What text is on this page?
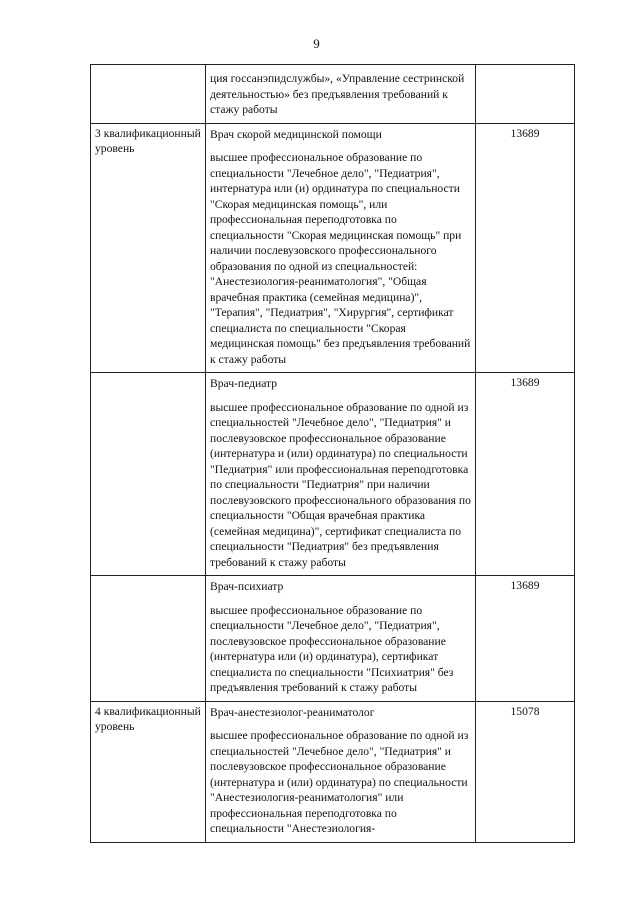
9

	ция госсанэпидслужбы», «Управление сестринской деятельностью» без предъявления требований к стажу работы	

3 квалификационный уровень	Врач скорой медицинской помощи
высшее профессиональное образование по специальности "Лечебное дело", "Педиатрия", интернатура или (и) ординатура по специальности "Скорая медицинская помощь", или профессиональная переподготовка по специальности "Скорая медицинская помощь" при наличии послевузовского профессионального образования по одной из специальностей: "Анестезиология-реаниматология", "Общая врачебная практика (семейная медицина)", "Терапия", "Педиатрия", "Хирургия", сертификат специалиста по специальности "Скорая медицинская помощь" без предъявления требований к стажу работы	13689

	Врач-педиатр
высшее профессиональное образование по одной из специальностей "Лечебное дело", "Педиатрия" и послевузовское профессиональное образование (интернатура и (или) ординатура) по специальности "Педиатрия" или профессиональная переподготовка по специальности "Педиатрия" при наличии послевузовского профессионального образования по специальности "Общая врачебная практика (семейная медицина)", сертификат специалиста по специальности "Педиатрия" без предъявления требований к стажу работы	13689

	Врач-психиатр
высшее профессиональное образование по специальности "Лечебное дело", "Педиатрия", послевузовское профессиональное образование (интернатура или (и) ординатура), сертификат специалиста по специальности "Психиатрия" без предъявления требований к стажу работы	13689
4 квалификационный уровень	Врач-анестезиолог-реаниматолог
высшее профессиональное образование по одной из специальностей "Лечебное дело", "Педиатрия" и послевузовское профессиональное образование (интернатура и (или) ординатура) по специальности "Анестезиология-реаниматология" или профессиональная переподготовка по специальности "Анестезиология-	15078
